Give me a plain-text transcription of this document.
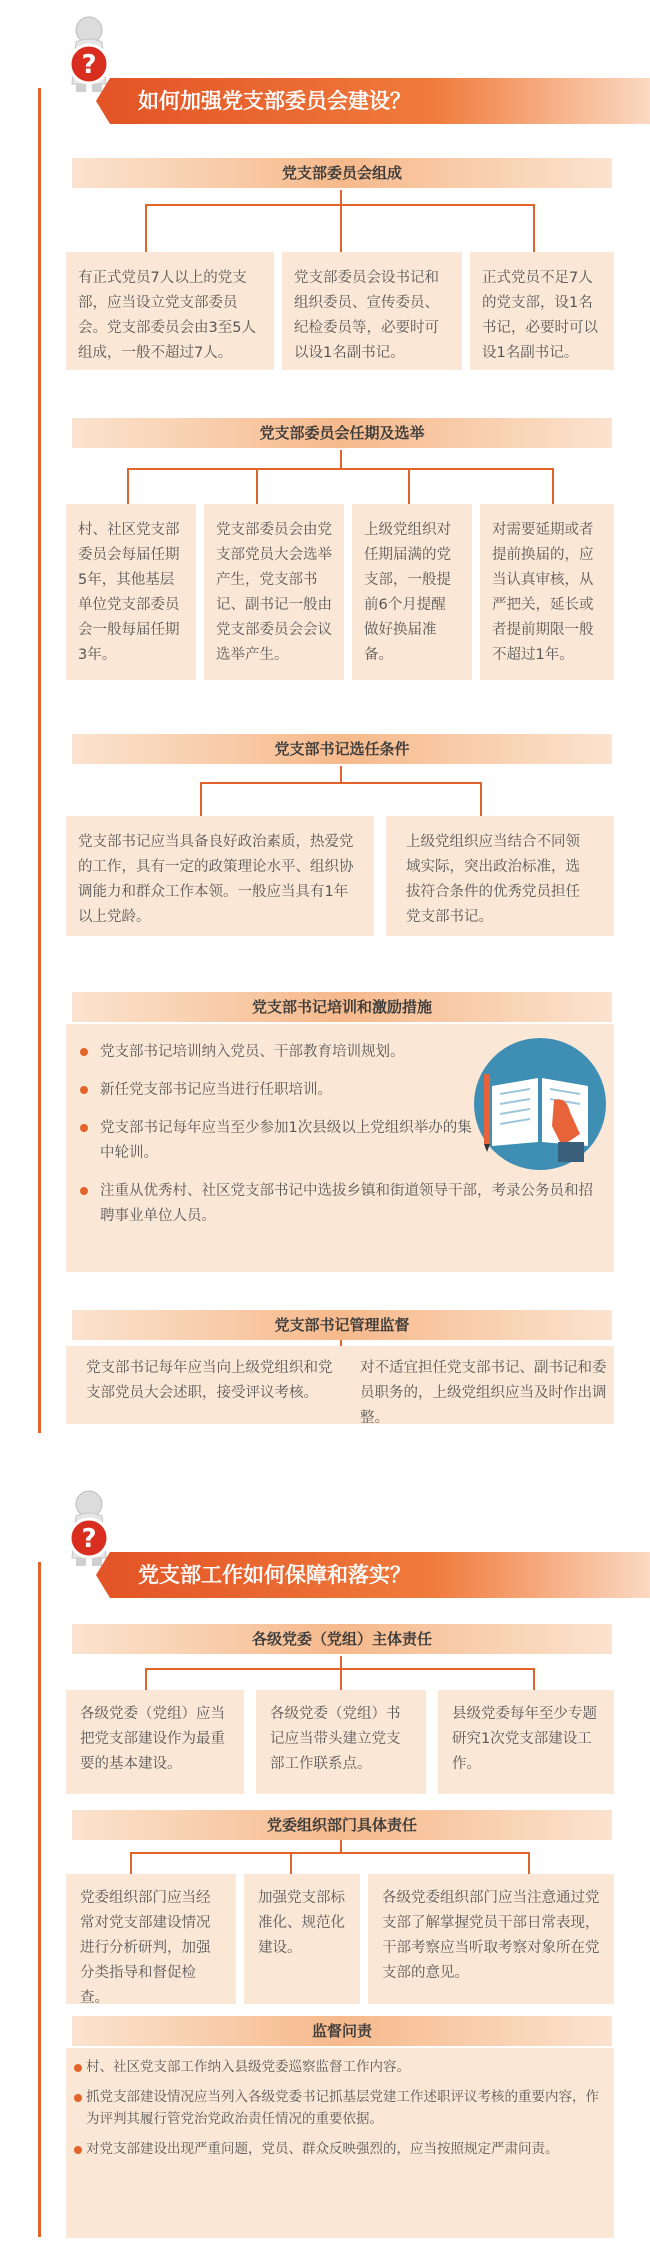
?
如何加强党支部委员会建设？
党支部委员会组成
有正式党员7人以上的党支部，应当设立党支部委员会。党支部委员会由3至5人组成，一般不超过7人。
党支部委员会设书记和组织委员、宣传委员、纪检委员等，必要时可以设1名副书记。
正式党员不足7人的党支部，设1名书记，必要时可以设1名副书记。
党支部委员会任期及选举
村、社区党支部委员会每届任期5年，其他基层单位党支部委员会一般每届任期3年。
党支部委员会由党支部党员大会选举产生，党支部书记、副书记一般由党支部委员会会议选举产生。
上级党组织对任期届满的党支部，一般提前6个月提醒做好换届准备。
对需要延期或者提前换届的，应当认真审核，从严把关，延长或者提前期限一般不超过1年。
党支部书记选任条件
党支部书记应当具备良好政治素质，热爱党的工作，具有一定的政策理论水平、组织协调能力和群众工作本领。一般应当具有1年以上党龄。
上级党组织应当结合不同领域实际，突出政治标准，选拔符合条件的优秀党员担任党支部书记。
党支部书记培训和激励措施
党支部书记培训纳入党员、干部教育培训规划。
新任党支部书记应当进行任职培训。
党支部书记每年应当至少参加1次县级以上党组织举办的集中轮训。
注重从优秀村、社区党支部书记中选拔乡镇和街道领导干部，考录公务员和招聘事业单位人员。
党支部书记管理监督
党支部书记每年应当向上级党组织和党支部党员大会述职，接受评议考核。
对不适宜担任党支部书记、副书记和委员职务的，上级党组织应当及时作出调整。
?
党支部工作如何保障和落实？
各级党委（党组）主体责任
各级党委（党组）应当把党支部建设作为最重要的基本建设。
各级党委（党组）书记应当带头建立党支部工作联系点。
县级党委每年至少专题研究1次党支部建设工作。
党委组织部门具体责任
党委组织部门应当经常对党支部建设情况进行分析研判，加强分类指导和督促检查。
加强党支部标准化、规范化建设。
各级党委组织部门应当注意通过党支部了解掌握党员干部日常表现，干部考察应当听取考察对象所在党支部的意见。
监督问责
村、社区党支部工作纳入县级党委巡察监督工作内容。
抓党支部建设情况应当列入各级党委书记抓基层党建工作述职评议考核的重要内容，作为评判其履行管党治党政治责任情况的重要依据。
对党支部建设出现严重问题，党员、群众反映强烈的，应当按照规定严肃问责。
